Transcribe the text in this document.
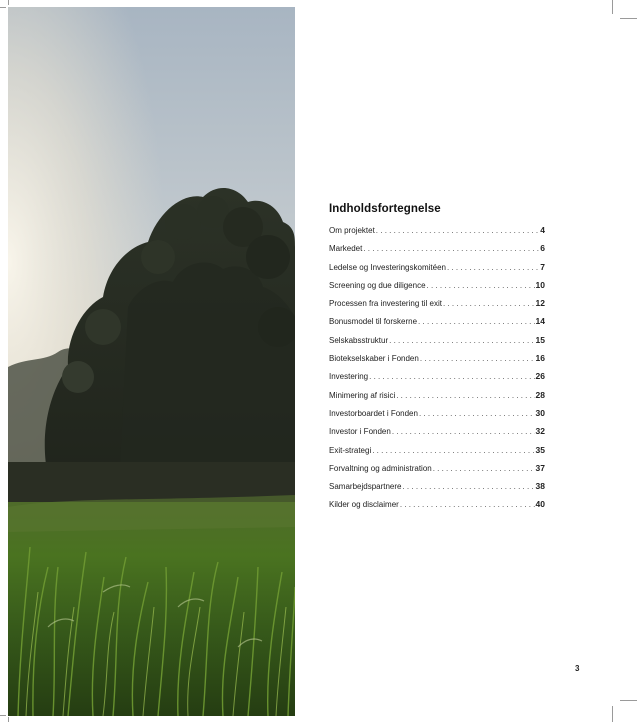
Indholdsfortegnelse
Om projektet . . .	4
Markedet . . .	6
Ledelse og Investeringskomitéen . . .	7
Screening og due diligence . . .	10
Processen fra investering til exit . . .	12
Bonusmodel til forskerne . . .	14
Selskabsstruktur . . .	15
Biotekselskaber i Fonden . . .	16
Investering . . .	26
Minimering af risici . . .	28
Investorboardet i Fonden . . .	30
Investor i Fonden . . .	32
Exit-strategi . . .	35
Forvaltning og administration . . .	37
Samarbejdspartnere . . .	38
Kilder og disclaimer . . .	40
3
